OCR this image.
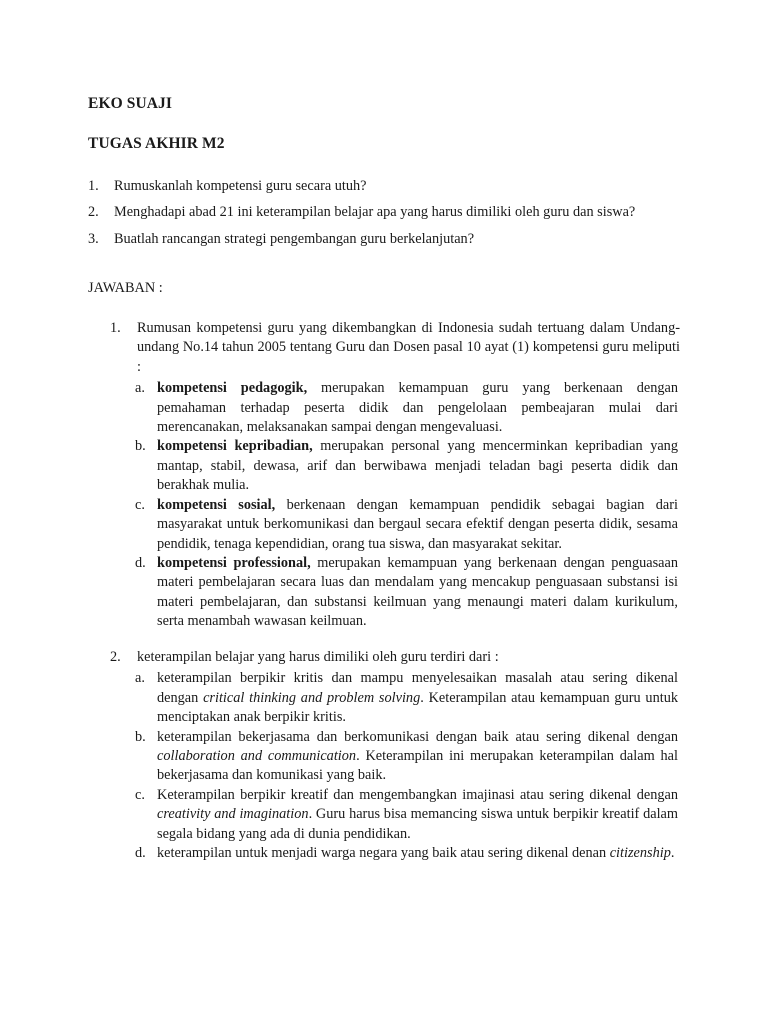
EKO SUAJI
TUGAS AKHIR M2
1.	Rumuskanlah kompetensi guru secara utuh?
2.	Menghadapi abad 21 ini keterampilan belajar apa yang harus dimiliki oleh guru dan siswa?
3.	Buatlah rancangan strategi pengembangan guru berkelanjutan?
JAWABAN :
1.	Rumusan kompetensi guru yang dikembangkan di Indonesia sudah tertuang dalam Undang-undang No.14 tahun 2005 tentang Guru dan Dosen pasal 10 ayat (1) kompetensi guru meliputi :
a. kompetensi pedagogik, merupakan kemampuan guru yang berkenaan dengan pemahaman terhadap peserta didik dan pengelolaan pembeajaran mulai dari merencanakan, melaksanakan sampai dengan mengevaluasi.
b. kompetensi kepribadian, merupakan personal yang mencerminkan kepribadian yang mantap, stabil, dewasa, arif dan berwibawa menjadi teladan bagi peserta didik dan berakhak mulia.
c. kompetensi sosial, berkenaan dengan kemampuan pendidik sebagai bagian dari masyarakat untuk berkomunikasi dan bergaul secara efektif dengan peserta didik, sesama pendidik, tenaga kependidian, orang tua siswa, dan masyarakat sekitar.
d. kompetensi professional, merupakan kemampuan yang berkenaan dengan penguasaan materi pembelajaran secara luas dan mendalam yang mencakup penguasaan substansi isi materi pembelajaran, dan substansi keilmuan yang menaungi materi dalam kurikulum, serta menambah wawasan keilmuan.
2.	keterampilan belajar yang harus dimiliki oleh guru terdiri dari :
a. keterampilan berpikir kritis dan mampu menyelesaikan masalah atau sering dikenal dengan critical thinking and problem solving. Keterampilan atau kemampuan guru untuk menciptakan anak berpikir kritis.
b. keterampilan bekerjasama dan berkomunikasi dengan baik atau sering dikenal dengan collaboration and communication. Keterampilan ini merupakan keterampilan dalam hal bekerjasama dan komunikasi yang baik.
c. Keterampilan berpikir kreatif dan mengembangkan imajinasi atau sering dikenal dengan creativity and imagination. Guru harus bisa memancing siswa untuk berpikir kreatif dalam segala bidang yang ada di dunia pendidikan.
d. keterampilan untuk menjadi warga negara yang baik atau sering dikenal denan citizenship.
